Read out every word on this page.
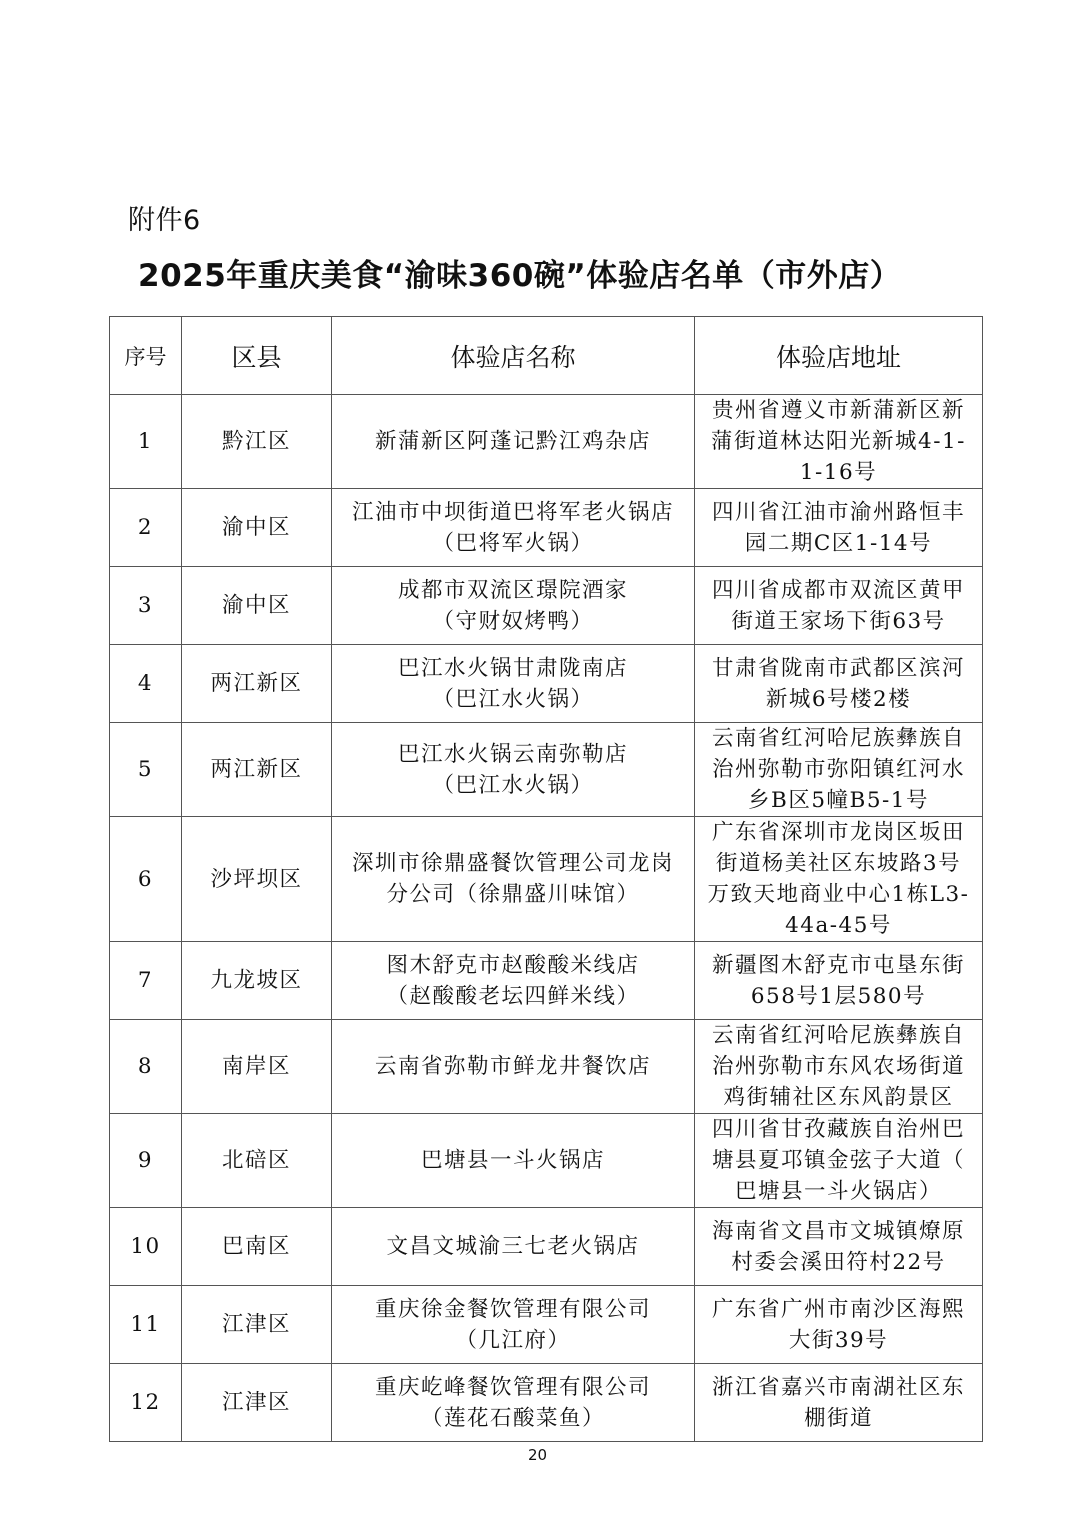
附件6
2025年重庆美食“渝味360碗”体验店名单（市外店）
序号	区县	体验店名称	体验店地址
1	黔江区	新蒲新区阿蓬记黔江鸡杂店	贵州省遵义市新蒲新区新
蒲街道林达阳光新城4-1-
1-16号

2	渝中区	江油市中坝街道巴将军老火锅店
（巴将军火锅）	四川省江油市渝州路恒丰
园二期C区1-14号

3	渝中区	成都市双流区璟院酒家
（守财奴烤鸭）	四川省成都市双流区黄甲
街道王家场下街63号

4	两江新区	巴江水火锅甘肃陇南店
（巴江水火锅）	甘肃省陇南市武都区滨河
新城6号楼2楼

5	两江新区	巴江水火锅云南弥勒店
（巴江水火锅）	云南省红河哈尼族彝族自
治州弥勒市弥阳镇红河水
乡B区5幢B5-1号

6	沙坪坝区	深圳市徐鼎盛餐饮管理公司龙岗
分公司（徐鼎盛川味馆）	广东省深圳市龙岗区坂田
街道杨美社区东坡路3号
万致天地商业中心1栋L3-
44a-45号

7	九龙坡区	图木舒克市赵酸酸米线店
（赵酸酸老坛四鲜米线）	新疆图木舒克市屯垦东街
658号1层580号

8	南岸区	云南省弥勒市鲜龙井餐饮店	云南省红河哈尼族彝族自
治州弥勒市东风农场街道
鸡街辅社区东风韵景区

9	北碚区	巴塘县一斗火锅店	四川省甘孜藏族自治州巴
塘县夏邛镇金弦子大道（
巴塘县一斗火锅店）

10	巴南区	文昌文城渝三七老火锅店	海南省文昌市文城镇燎原
村委会溪田符村22号

11	江津区	重庆徐金餐饮管理有限公司
（几江府）	广东省广州市南沙区海熙
大街39号

12	江津区	重庆屹峰餐饮管理有限公司
（莲花石酸菜鱼）	浙江省嘉兴市南湖社区东
棚街道
20
